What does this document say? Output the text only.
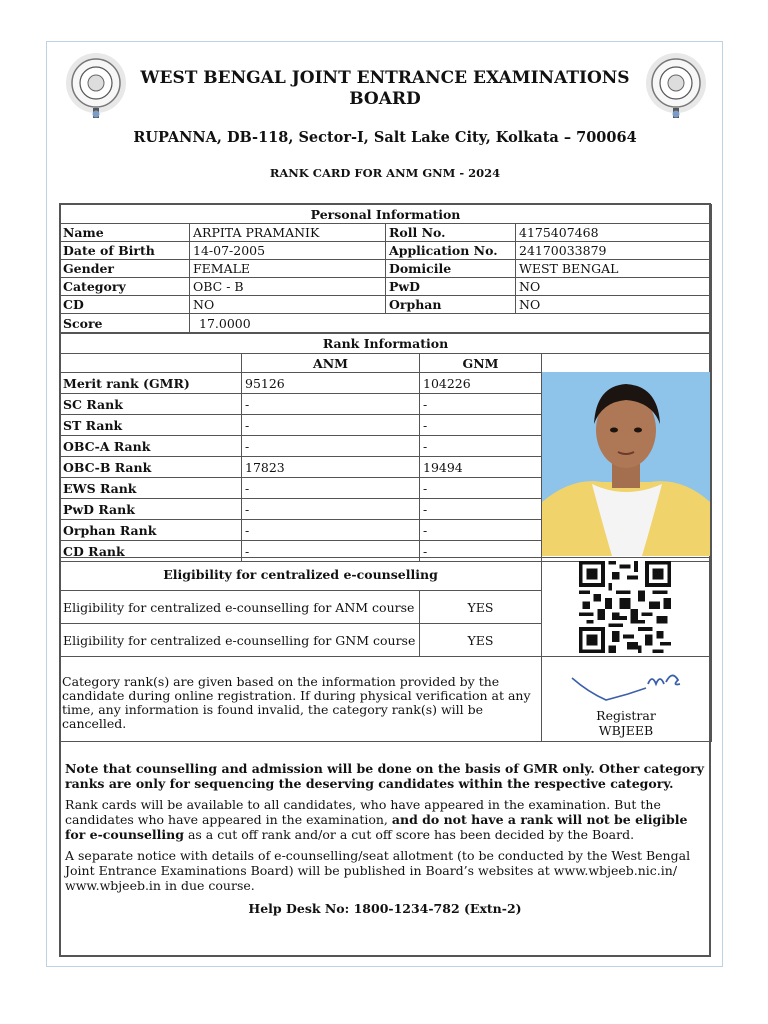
WEST BENGAL JOINT ENTRANCE EXAMINATIONS BOARD
RUPANNA, DB-118, Sector-I, Salt Lake City, Kolkata – 700064
RANK CARD FOR ANM GNM - 2024
Personal Information			
Name	ARPITA PRAMANIK	Roll No.	4175407468
Date of Birth	14-07-2005	Application No.	24170033879
Gender	FEMALE	Domicile	WEST BENGAL
Category	OBC - B	PwD	NO
CD	NO	Orphan	NO
Score	17.0000		
Rank Information			
	ANM	GNM	
Merit rank (GMR)	95126	104226	
SC Rank	-	-	
ST Rank	-	-	
OBC-A Rank	-	-	
OBC-B Rank	17823	19494	
EWS Rank	-	-	
PwD Rank	-	-	
Orphan Rank	-	-	
CD Rank	-	-	
Eligibility for centralized e-counselling		
Eligibility for centralized e-counselling for ANM course	YES	
Eligibility for centralized e-counselling for GNM course	YES	

Category rank(s) are given based on the information provided by the candidate during online registration. If during physical verification at any time, any information is found invalid, the category rank(s) will be cancelled.
Registrar
WBJEEB

Note that counselling and admission will be done on the basis of GMR only. Other category ranks are only for sequencing the deserving candidates within the respective category.

Rank cards will be available to all candidates, who have appeared in the examination. But the candidates who have appeared in the examination, and do not have a rank will not be eligible for e-counselling as a cut off rank and/or a cut off score has been decided by the Board.

A separate notice with details of e-counselling/seat allotment (to be conducted by the West Bengal Joint Entrance Examinations Board) will be published in Board’s websites at www.wbjeeb.nic.in/ www.wbjeeb.in in due course.

Help Desk No: 1800-1234-782 (Extn-2)
